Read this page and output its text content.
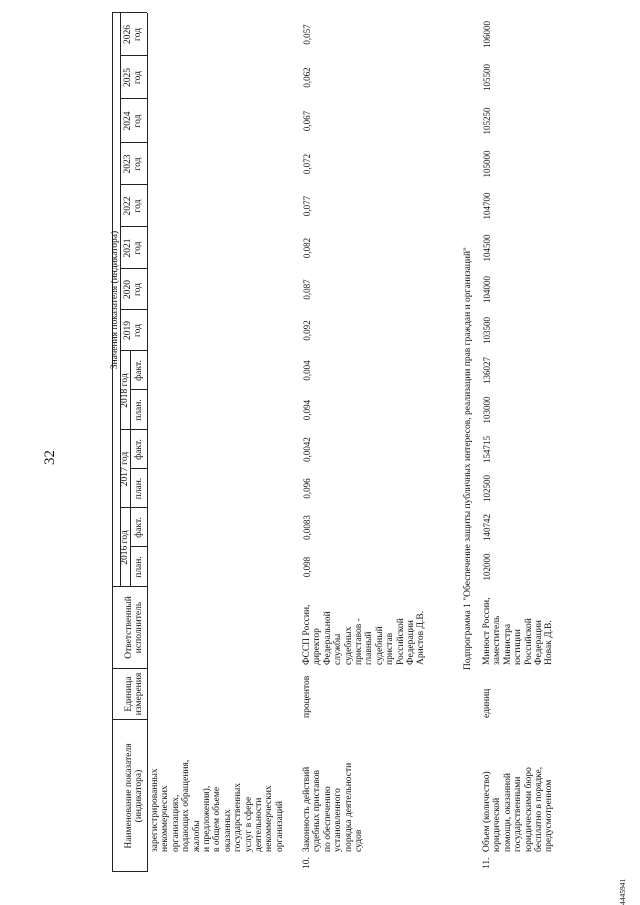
32
4445941
Наименование показателя (индикатора)
Единица измерения
Ответственный исполнитель
Значения показателя (индикатора)
2016 год
2017 год
2018 год
план.
факт.
план.
факт.
план.
факт.
2019 год
2020 год
2021 год
2022 год
2023 год
2024 год
2025 год
2026 год
зарегистрированных некоммерческих организациях, подающих обращения, жалобы и предложения), в общем объеме оказанных государственных услуг в сфере деятельности некоммерческих организаций
10.
Законность действий судебных приставов по обеспечению установленного порядка деятельности судов
процентов
ФССП России, директор Федеральной службы судебных приставов - главный судебный пристав Российской Федерации Аристов Д.В.
0,098
0,0083
0,096
0,0042
0,094
0,004
0,092
0,087
0,082
0,077
0,072
0,067
0,062
0,057
Подпрограмма 1 "Обеспечение защиты публичных интересов, реализации прав граждан и организаций"
11.
Объем (количество) юридической помощи, оказанной государственными юридическими бюро бесплатно в порядке, предусмотренном
единиц
Минюст России, заместитель Министра юстиции Российской Федерации Новак Д.В.
102000
140742
102500
154715
103000
136027
103500
104000
104500
104700
105000
105250
105500
106000
